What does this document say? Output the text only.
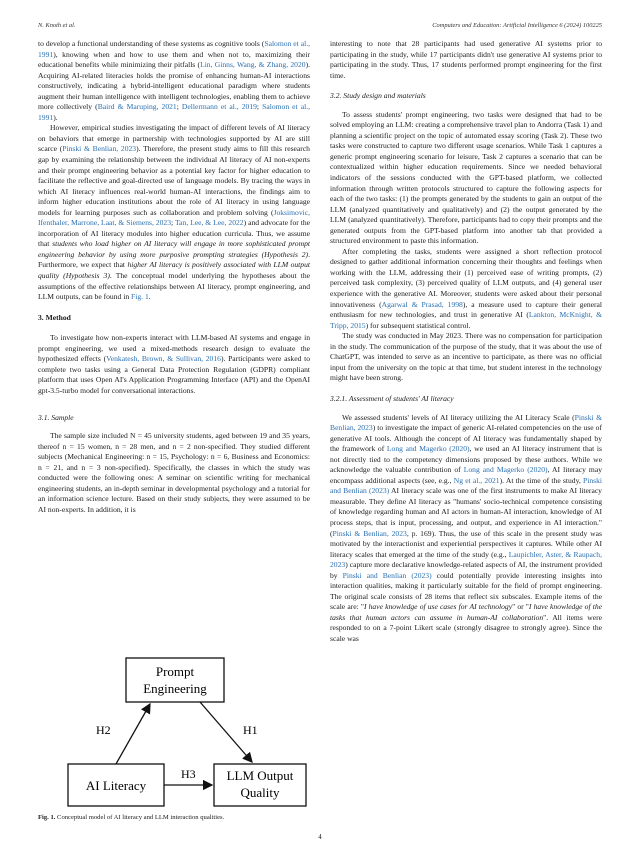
N. Knoth et al.	Computers and Education: Artificial Intelligence 6 (2024) 100225

to develop a functional understanding of these systems as cognitive tools (Salomon et al., 1991), knowing when and how to use them and when not to, maximizing their educational benefits while minimizing their pitfalls (Lin, Ginns, Wang, & Zhang, 2020). Acquiring AI-related literacies holds the promise of enhancing human-AI interactions constructively, indicating a hybrid-intelligent educational paradigm where students augment their human intelligence with intelligent technologies, enabling them to achieve more collectively (Baird & Maruping, 2021; Dellermann et al., 2019; Salomon et al., 1991).

However, empirical studies investigating the impact of different levels of AI literacy on behaviors that emerge in partnership with technologies supported by AI are still scarce (Pinski & Benlian, 2023). Therefore, the present study aims to fill this research gap by examining the relationship between the individual AI literacy of AI non-experts and their prompt engineering behavior as a potential key factor for higher education to facilitate the reflective and goal-directed use of language models. By tracing the ways in which AI literacy influences real-world human-AI interactions, the findings aim to inform higher education institutions about the role of AI literacy in using language models for learning purposes such as collaboration and problem solving (Joksimovic, Ifenthaler, Marrone, Laat, & Siemens, 2023; Tan, Lee, & Lee, 2022) and advocate for the incorporation of AI literacy modules into higher education curricula. Thus, we assume that students who load higher on AI literacy will engage in more sophisticated prompt engineering behavior by using more purposive prompting strategies (Hypothesis 2). Furthermore, we expect that higher AI literacy is positively associated with LLM output quality (Hypothesis 3). The conceptual model underlying the hypotheses about the assumptions of the effective relationships between AI literacy, prompt engineering, and LLM outputs, can be found in Fig. 1.

3. Method

To investigate how non-experts interact with LLM-based AI systems and engage in prompt engineering, we used a mixed-methods research design to evaluate the hypothesized effects (Venkatesh, Brown, & Sullivan, 2016). Participants were asked to complete two tasks using a General Data Protection Regulation (GDPR) compliant platform that uses Open AI's Application Programming Interface (API) and the OpenAI gpt-3.5-turbo model for conversational interactions.

3.1. Sample

The sample size included N = 45 university students, aged between 19 and 35 years, thereof n = 15 women, n = 28 men, and n = 2 non-specified. They studied different subjects (Mechanical Engineering: n = 15, Psychology: n = 6, Business and Economics: n = 21, and n = 3 non-specified). Specifically, the classes in which the study was conducted were the following ones: A seminar on scientific writing for mechanical engineering students, an in-depth seminar in developmental psychology and a tutorial for an information science lecture. Based on their study subjects, they were assumed to be AI non-experts. In addition, it is

Prompt
Engineering
AI Literacy
LLM Output
Quality
H2	H1
H3
Fig. 1. Conceptual model of AI literacy and LLM interaction qualities.

interesting to note that 28 participants had used generative AI systems prior to participating in the study, while 17 participants didn't use generative AI systems prior to participating in the study. Thus, 17 students performed prompt engineering for the first time.

3.2. Study design and materials

To assess students' prompt engineering, two tasks were designed that had to be solved employing an LLM: creating a comprehensive travel plan to Andorra (Task 1) and planning a scientific project on the topic of automated essay scoring (Task 2). These two tasks were constructed to capture two different usage scenarios. While Task 1 captures a generic prompt engineering scenario for leisure, Task 2 captures a scenario that can be contextualized within higher education requirements. Since we needed behavioral indicators of the sessions conducted with the GPT-based platform, we collected information through written protocols structured to capture the following aspects for each of the two tasks: (1) the prompts generated by the students to gain an output of the LLM (analyzed quantitatively and qualitatively) and (2) the output generated by the LLM (analyzed quantitatively). Therefore, participants had to copy their prompts and the generated outputs from the GPT-based platform into another tab that provided a structured environment to paste this information.

After completing the tasks, students were assigned a short reflection protocol designed to gather additional information concerning their thoughts and feelings when working with the LLM, addressing their (1) perceived ease of writing prompts, (2) perceived task complexity, (3) perceived quality of LLM outputs, and (4) general user experience with the generative AI. Moreover, students were asked about their personal innovativeness (Agarwal & Prasad, 1998), a measure used to capture their general enthusiasm for new technologies, and trust in generative AI (Lankton, McKnight, & Tripp, 2015) for subsequent statistical control.

The study was conducted in May 2023. There was no compensation for participation in the study. The communication of the purpose of the study, that it was about the use of ChatGPT, was intended to serve as an incentive to participate, as there was no official input from the university on the topic at that time, but student interest in the technology might have been strong.

3.2.1. Assessment of students' AI literacy

We assessed students' levels of AI literacy utilizing the AI Literacy Scale (Pinski & Benlian, 2023) to investigate the impact of generic AI-related competencies on the use of generative AI tools. Although the concept of AI literacy was fundamentally shaped by the framework of Long and Magerko (2020), we used an AI literacy instrument that is not directly tied to the competency dimensions proposed by these authors. While we acknowledge the valuable contribution of Long and Magerko (2020), AI literacy may encompass additional aspects (see, e.g., Ng et al., 2021). At the time of the study, Pinski and Benlian (2023) AI literacy scale was one of the first instruments to make AI literacy measurable. They define AI literacy as "humans' socio-technical competence consisting of knowledge regarding human and AI actors in human-AI interaction, knowledge of AI process steps, that is input, processing, and output, and experience in AI interaction." (Pinski & Benlian, 2023, p. 169). Thus, the use of this scale in the present study was motivated by the interactionist and experiential perspectives it captures. While other AI literacy scales that emerged at the time of the study (e.g., Laupichler, Aster, & Raupach, 2023) capture more declarative knowledge-related aspects of AI, the instrument provided by Pinski and Benlian (2023) could potentially provide interesting insights into interaction qualities, making it particularly suitable for the field of prompt engineering. The original scale consists of 28 items that reflect six subscales. Example items of the scale are: "I have knowledge of use cases for AI technology" or "I have knowledge of the tasks that human actors can assume in human-AI collaboration". All items were responded to on a 7-point Likert scale (strongly disagree to strongly agree). Since the scale was

4
